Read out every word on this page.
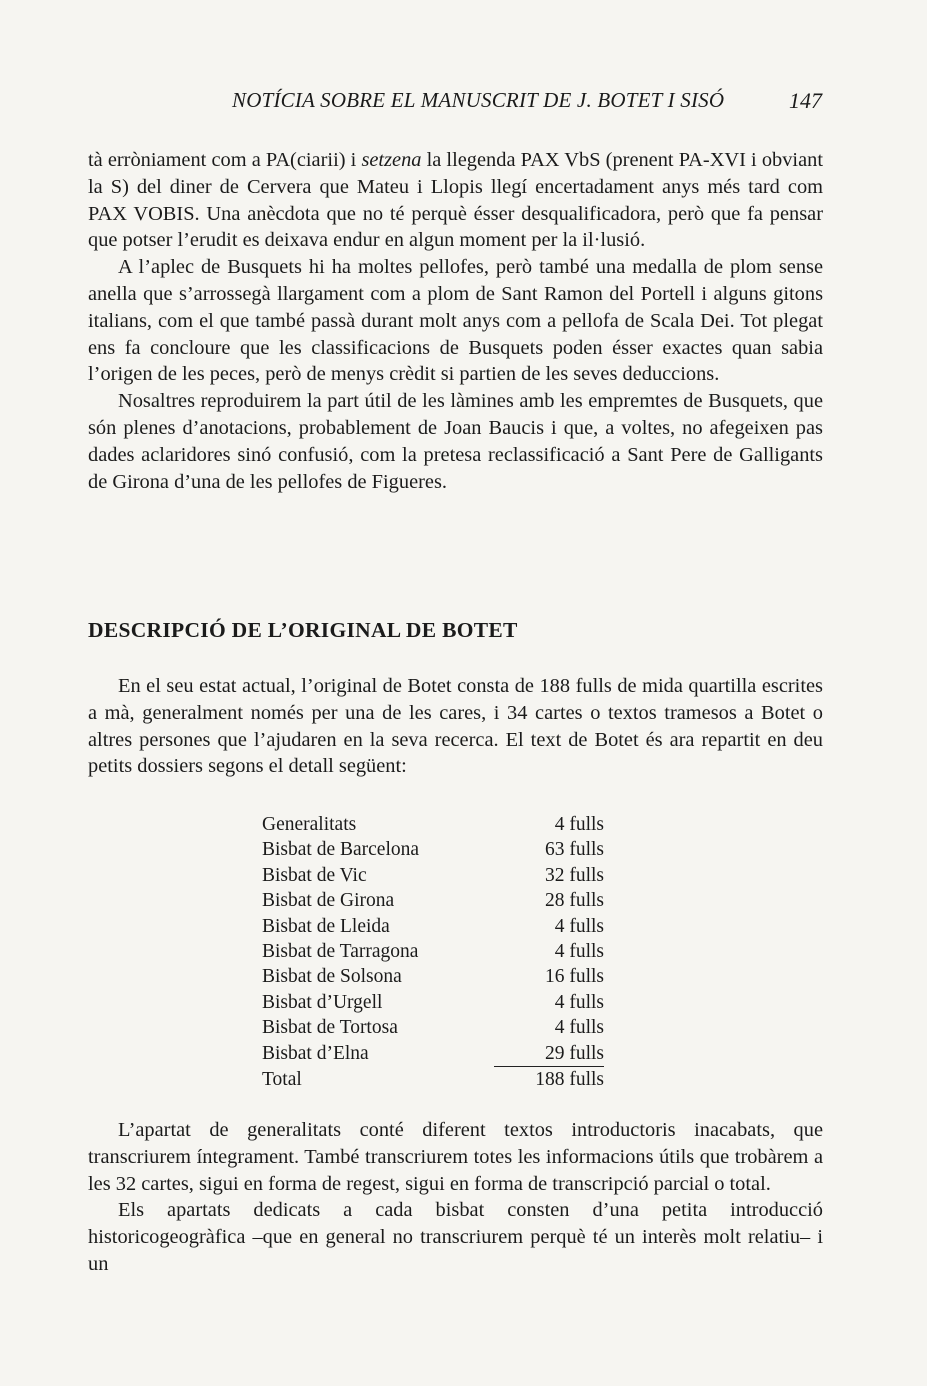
NOTÍCIA SOBRE EL MANUSCRIT DE J. BOTET I SISÓ	147

tà erròniament com a PA(ciarii) i setzena la llegenda PAX VbS (prenent PA-XVI i obviant la S) del diner de Cervera que Mateu i Llopis llegí encertadament anys més tard com PAX VOBIS. Una anècdota que no té perquè ésser desqualificadora, però que fa pensar que potser l’erudit es deixava endur en algun moment per la il·lusió.

A l’aplec de Busquets hi ha moltes pellofes, però també una medalla de plom sense anella que s’arrossegà llargament com a plom de Sant Ramon del Portell i alguns gitons italians, com el que també passà durant molt anys com a pellofa de Scala Dei. Tot plegat ens fa concloure que les classificacions de Busquets poden ésser exactes quan sabia l’origen de les peces, però de menys crèdit si partien de les seves deduccions.

Nosaltres reproduirem la part útil de les làmines amb les empremtes de Busquets, que són plenes d’anotacions, probablement de Joan Baucis i que, a voltes, no afegeixen pas dades aclaridores sinó confusió, com la pretesa reclassificació a Sant Pere de Galligants de Girona d’una de les pellofes de Figueres.

DESCRIPCIÓ DE L’ORIGINAL DE BOTET

En el seu estat actual, l’original de Botet consta de 188 fulls de mida quartilla escrites a mà, generalment només per una de les cares, i 34 cartes o textos tramesos a Botet o altres persones que l’ajudaren en la seva recerca. El text de Botet és ara repartit en deu petits dossiers segons el detall següent:

Generalitats	4 fulls
Bisbat de Barcelona	63 fulls
Bisbat de Vic	32 fulls
Bisbat de Girona	28 fulls
Bisbat de Lleida	4 fulls
Bisbat de Tarragona	4 fulls
Bisbat de Solsona	16 fulls
Bisbat d’Urgell	4 fulls
Bisbat de Tortosa	4 fulls
Bisbat d’Elna	29 fulls
Total	188 fulls

L’apartat de generalitats conté diferent textos introductoris inacabats, que transcriurem íntegrament. També transcriurem totes les informacions útils que trobàrem a les 32 cartes, sigui en forma de regest, sigui en forma de transcripció parcial o total.

Els apartats dedicats a cada bisbat consten d’una petita introducció historicogeogràfica –que en general no transcriurem perquè té un interès molt relatiu– i un
